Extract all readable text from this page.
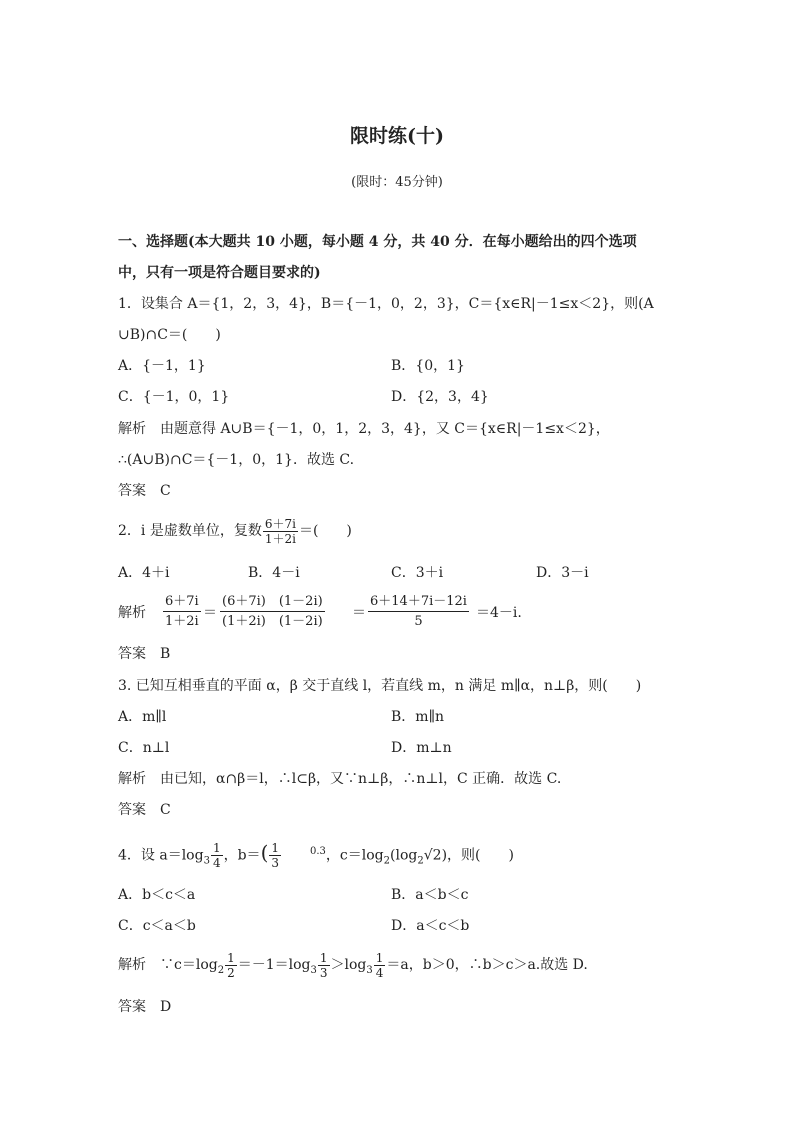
限时练(十)
(限时：45分钟)
一、选择题(本大题共 10 小题，每小题 4 分，共 40 分．在每小题给出的四个选项
中，只有一项是符合题目要求的)
1．设集合 A＝{1，2，3，4}，B＝{－1，0，2，3}，C＝{x∈R|－1≤x＜2}，则(A
∪B)∩C＝(　　)
A．{－1，1}	B．{0，1}
C．{－1，0，1}	D．{2，3，4}
解析　由题意得 A∪B＝{－1，0，1，2，3，4}，又 C＝{x∈R|－1≤x＜2}，
∴(A∪B)∩C＝{－1，0，1}．故选 C.
答案　C
2．i 是虚数单位，复数 $\frac{6+7i}{1+2i}$ ＝(　　)
A．4＋i	B．4－i	C．3＋i	D．3－i
解析 $\frac{6+7i}{1+2i} = \frac{(6+7i) (1-2i)}{(1+2i) (1-2i)} = \frac{6+14+7i-12i}{5} =4-i$.
答案　B
3. 已知互相垂直的平面 α，β 交于直线 l，若直线 m，n 满足 m∥α，n⊥β，则(　　)
A．m∥l	B．m∥n
C．n⊥l	D．m⊥n
解析　由已知，α∩β＝l，∴l⊂β，又∵n⊥β，∴n⊥l，C 正确．故选 C.
答案　C
4．设 $a=\log_3 \frac{1}{4}$ ，$b=( \frac{1}{3}$	$^{0.3}$，$c=\log_2(\log_2√2)$，则(　　)
A．b＜c＜a	B．a＜b＜c
C．c＜a＜b	D．a＜c＜b
解析　$\because c=\log_2 \frac{1}{2} =-1=\log_3 \frac{1}{3} >\log_3 \frac{1}{4} =a$，b＞0，∴b＞c＞a.故选 D.
答案　D
